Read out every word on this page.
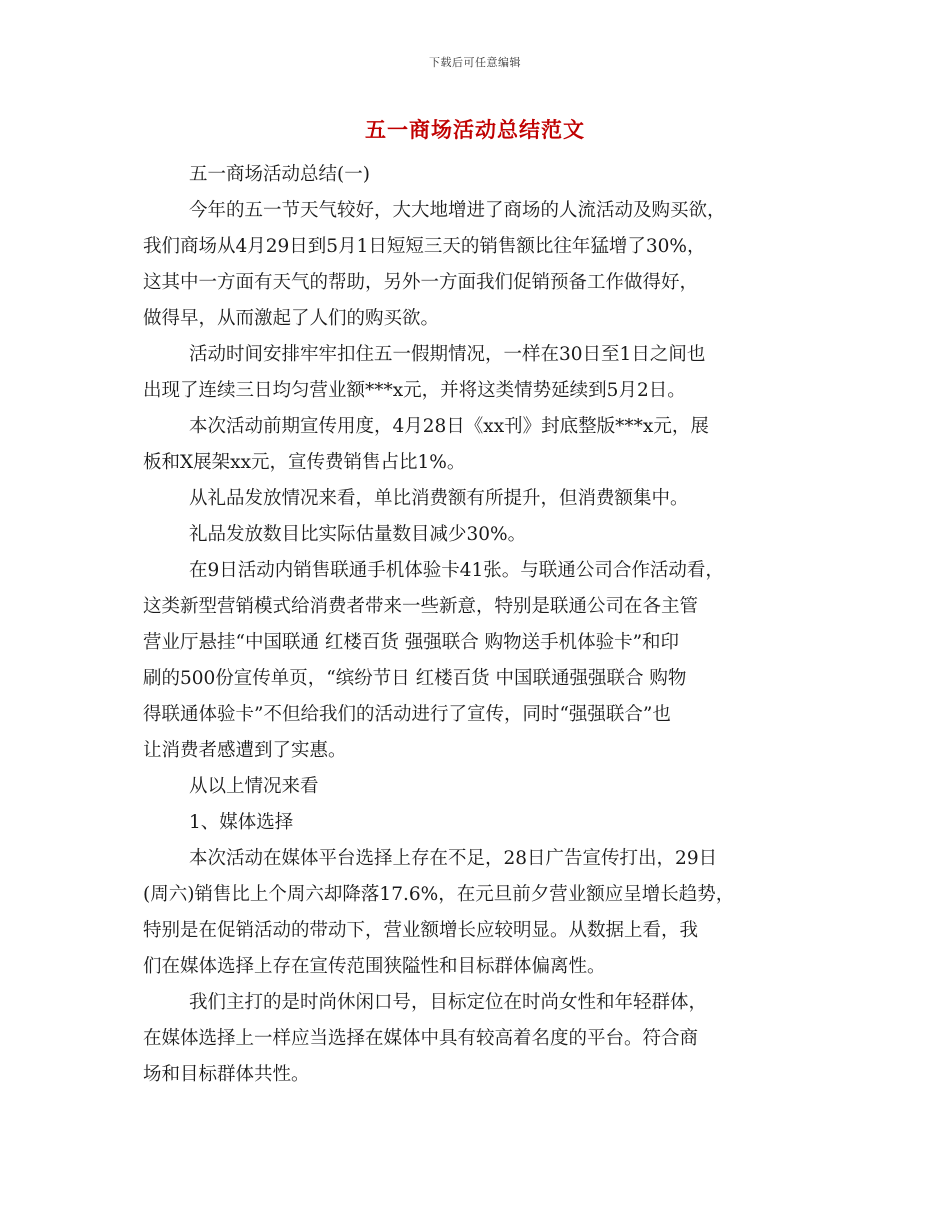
下载后可任意编辑
五一商场活动总结范文
五一商场活动总结(一)
今年的五一节天气较好，大大地增进了商场的人流活动及购买欲，
我们商场从4月29日到5月1日短短三天的销售额比往年猛增了30%，
这其中一方面有天气的帮助，另外一方面我们促销预备工作做得好，
做得早，从而激起了人们的购买欲。
活动时间安排牢牢扣住五一假期情况，一样在30日至1日之间也
出现了连续三日均匀营业额***x元，并将这类情势延续到5月2日。
本次活动前期宣传用度，4月28日《xx刊》封底整版***x元，展
板和X展架xx元，宣传费销售占比1%。
从礼品发放情况来看，单比消费额有所提升，但消费额集中。
礼品发放数目比实际估量数目减少30%。
在9日活动内销售联通手机体验卡41张。与联通公司合作活动看，
这类新型营销模式给消费者带来一些新意，特别是联通公司在各主管
营业厅悬挂“中国联通 红楼百货 强强联合 购物送手机体验卡”和印
刷的500份宣传单页，“缤纷节日 红楼百货 中国联通强强联合 购物
得联通体验卡”不但给我们的活动进行了宣传，同时“强强联合”也
让消费者感遭到了实惠。
从以上情况来看
1、媒体选择
本次活动在媒体平台选择上存在不足，28日广告宣传打出，29日
(周六)销售比上个周六却降落17.6%，在元旦前夕营业额应呈增长趋势，
特别是在促销活动的带动下，营业额增长应较明显。从数据上看，我
们在媒体选择上存在宣传范围狭隘性和目标群体偏离性。
我们主打的是时尚休闲口号，目标定位在时尚女性和年轻群体，
在媒体选择上一样应当选择在媒体中具有较高着名度的平台。符合商
场和目标群体共性。
